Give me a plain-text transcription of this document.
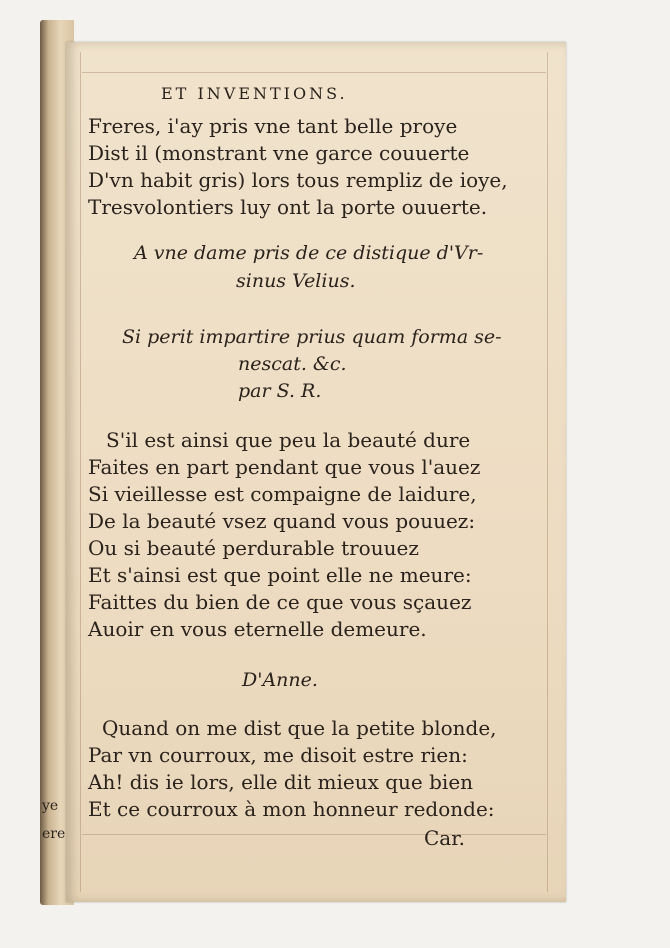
ye
ere
ET INVENTIONS.
Freres, i'ay pris vne tant belle proye
Dist il (monstrant vne garce couuerte
D'vn habit gris) lors tous rempliz de ioye,
Tresvolontiers luy ont la porte ouuerte.
A vne dame pris de ce distique d'Vr-
sinus Velius.
Si perit impartire prius quam forma se-
nescat. &c.
par S. R.
S'il est ainsi que peu la beauté dure
Faites en part pendant que vous l'auez
Si vieillesse est compaigne de laidure,
De la beauté vsez quand vous pouuez:
Ou si beauté perdurable trouuez
Et s'ainsi est que point elle ne meure:
Faittes du bien de ce que vous sçauez
Auoir en vous eternelle demeure.
D'Anne.
Quand on me dist que la petite blonde,
Par vn courroux, me disoit estre rien:
Ah! dis ie lors, elle dit mieux que bien
Et ce courroux à mon honneur redonde:
Car.
